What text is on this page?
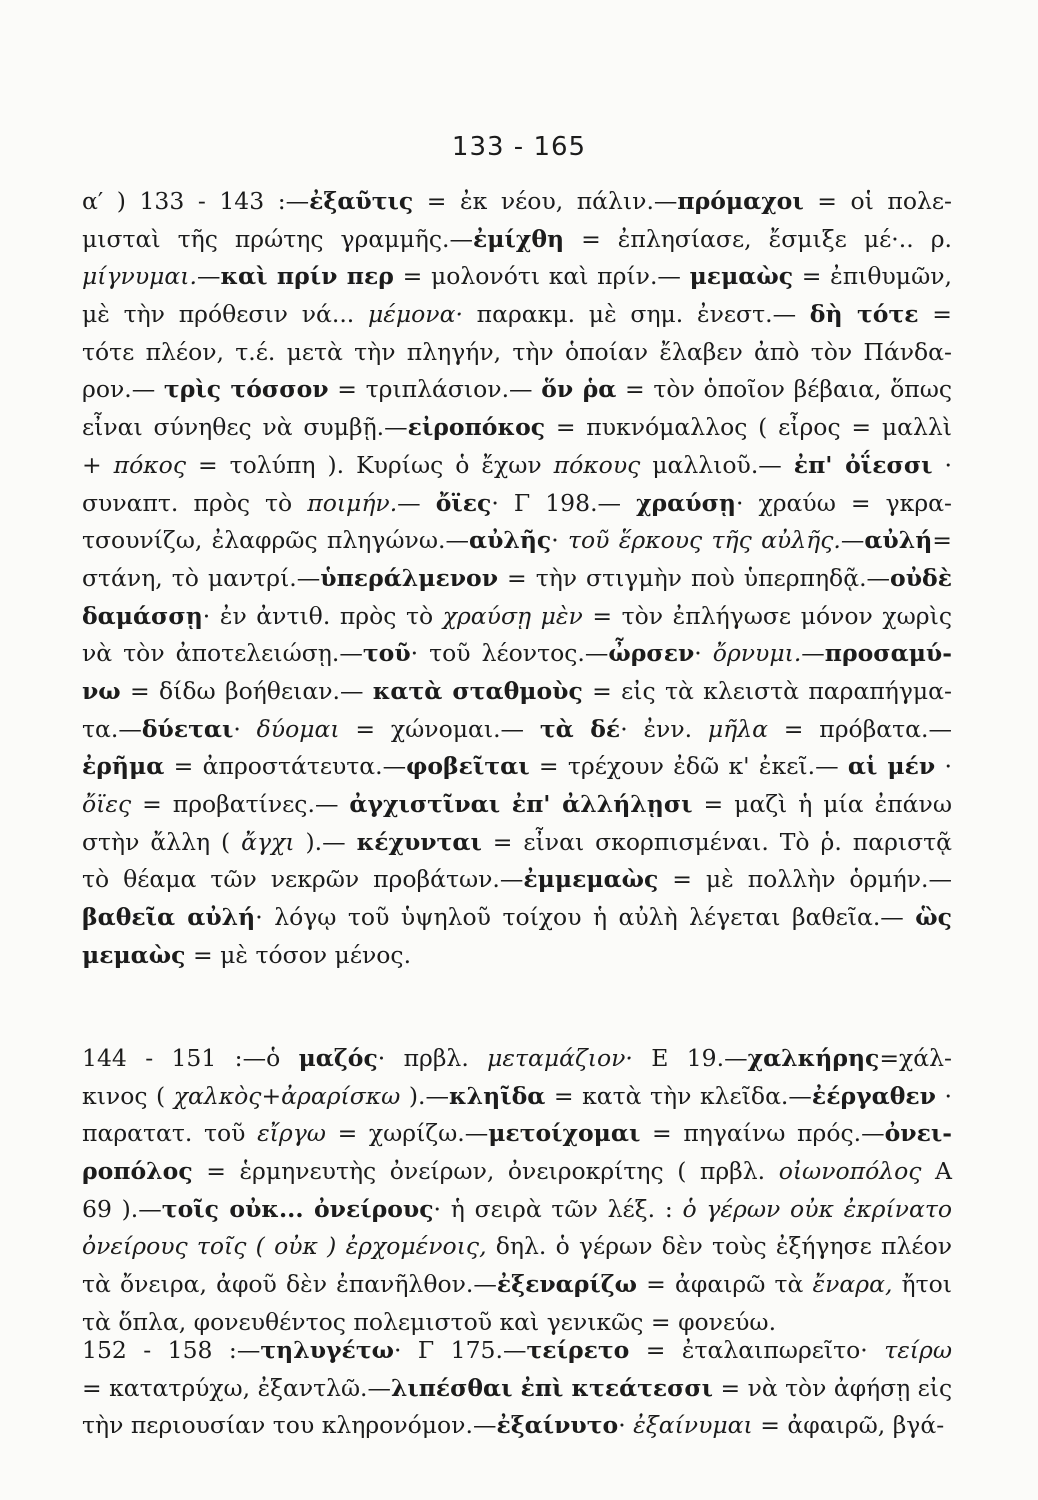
133 - 165
α′ ) 133 - 143 :—ἐξαῦτις = ἐκ νέου, πάλιν.—πρόμαχοι = οἱ πολε-
μισταὶ τῆς πρώτης γραμμῆς.—ἐμίχθη = ἐπλησίασε, ἔσμιξε μέ·.. ρ.
μίγνυμαι.—καὶ πρίν περ = μολονότι καὶ πρίν.— μεμαὼς = ἐπιθυμῶν,
μὲ τὴν πρόθεσιν νά... μέμονα· παρακμ. μὲ σημ. ἐνεστ.— δὴ τότε =
τότε πλέον, τ.έ. μετὰ τὴν πληγήν, τὴν ὁποίαν ἔλαβεν ἀπὸ τὸν Πάνδα-
ρον.— τρὶς τόσσον = τριπλάσιον.— ὅν ῥα = τὸν ὁποῖον βέβαια, ὅπως
εἶναι σύνηθες νὰ συμβῇ.—εἰροπόκος = πυκνόμαλλος ( εἶρος = μαλλὶ
+ πόκος = τολύπη ). Κυρίως ὁ ἔχων πόκους μαλλιοῦ.— ἐπ' ὀΐεσσι ·
συναπτ. πρὸς τὸ ποιμήν.— ὄϊες· Γ 198.— χραύσῃ· χραύω = γκρα-
τσουνίζω, ἐλαφρῶς πληγώνω.—αὐλῆς· τοῦ ἕρκους τῆς αὐλῆς.—αὐλή=
στάνη, τὸ μαντρί.—ὑπεράλμενον = τὴν στιγμὴν ποὺ ὑπερπηδᾷ.—οὐδὲ
δαμάσσῃ· ἐν ἀντιθ. πρὸς τὸ χραύσῃ μὲν = τὸν ἐπλήγωσε μόνον χωρὶς
νὰ τὸν ἀποτελειώσῃ.—τοῦ· τοῦ λέοντος.—ὦρσεν· ὄρνυμι.—προσαμύ-
νω = δίδω βοήθειαν.— κατὰ σταθμοὺς = εἰς τὰ κλειστὰ παραπήγμα-
τα.—δύεται· δύομαι = χώνομαι.— τὰ δέ· ἐνν. μῆλα = πρόβατα.—
ἐρῆμα = ἀπροστάτευτα.—φοβεῖται = τρέχουν ἐδῶ κ' ἐκεῖ.— αἱ μέν ·
ὄϊες = προβατίνες.— ἀγχιστῖναι ἐπ' ἀλλήλῃσι = μαζὶ ἡ μία ἐπάνω
στὴν ἄλλη ( ἄγχι ).— κέχυνται = εἶναι σκορπισμέναι. Τὸ ῥ. παριστᾷ
τὸ θέαμα τῶν νεκρῶν προβάτων.—ἐμμεμαὼς = μὲ πολλὴν ὁρμήν.—
βαθεῖα αὐλή· λόγῳ τοῦ ὑψηλοῦ τοίχου ἡ αὐλὴ λέγεται βαθεῖα.— ὣς
μεμαὼς = μὲ τόσον μένος.
144 - 151 :—ὁ μαζός· πρβλ. μεταμάζιον· Ε 19.—χαλκήρης=χάλ-
κινος ( χαλκὸς+ἀραρίσκω ).—κληῖδα = κατὰ τὴν κλεῖδα.—ἐέργαθεν ·
παρατατ. τοῦ εἴργω = χωρίζω.—μετοίχομαι = πηγαίνω πρός.—ὀνει-
ροπόλος = ἑρμηνευτὴς ὀνείρων, ὀνειροκρίτης ( πρβλ. οἰωνοπόλος Α
69 ).—τοῖς οὐκ... ὀνείρους· ἡ σειρὰ τῶν λέξ. : ὁ γέρων οὐκ ἐκρίνατο
ὀνείρους τοῖς ( οὐκ ) ἐρχομένοις, δηλ. ὁ γέρων δὲν τοὺς ἐξήγησε πλέον
τὰ ὄνειρα, ἀφοῦ δὲν ἐπανῆλθον.—ἐξεναρίζω = ἀφαιρῶ τὰ ἔναρα, ἤτοι
τὰ ὅπλα, φονευθέντος πολεμιστοῦ καὶ γενικῶς = φονεύω.
152 - 158 :—τηλυγέτω· Γ 175.—τείρετο = ἐταλαιπωρεῖτο· τείρω
= κατατρύχω, ἐξαντλῶ.—λιπέσθαι ἐπὶ κτεάτεσσι = νὰ τὸν ἀφήσῃ εἰς
τὴν περιουσίαν του κληρονόμον.—ἐξαίνυτο· ἐξαίνυμαι = ἀφαιρῶ, βγά-
